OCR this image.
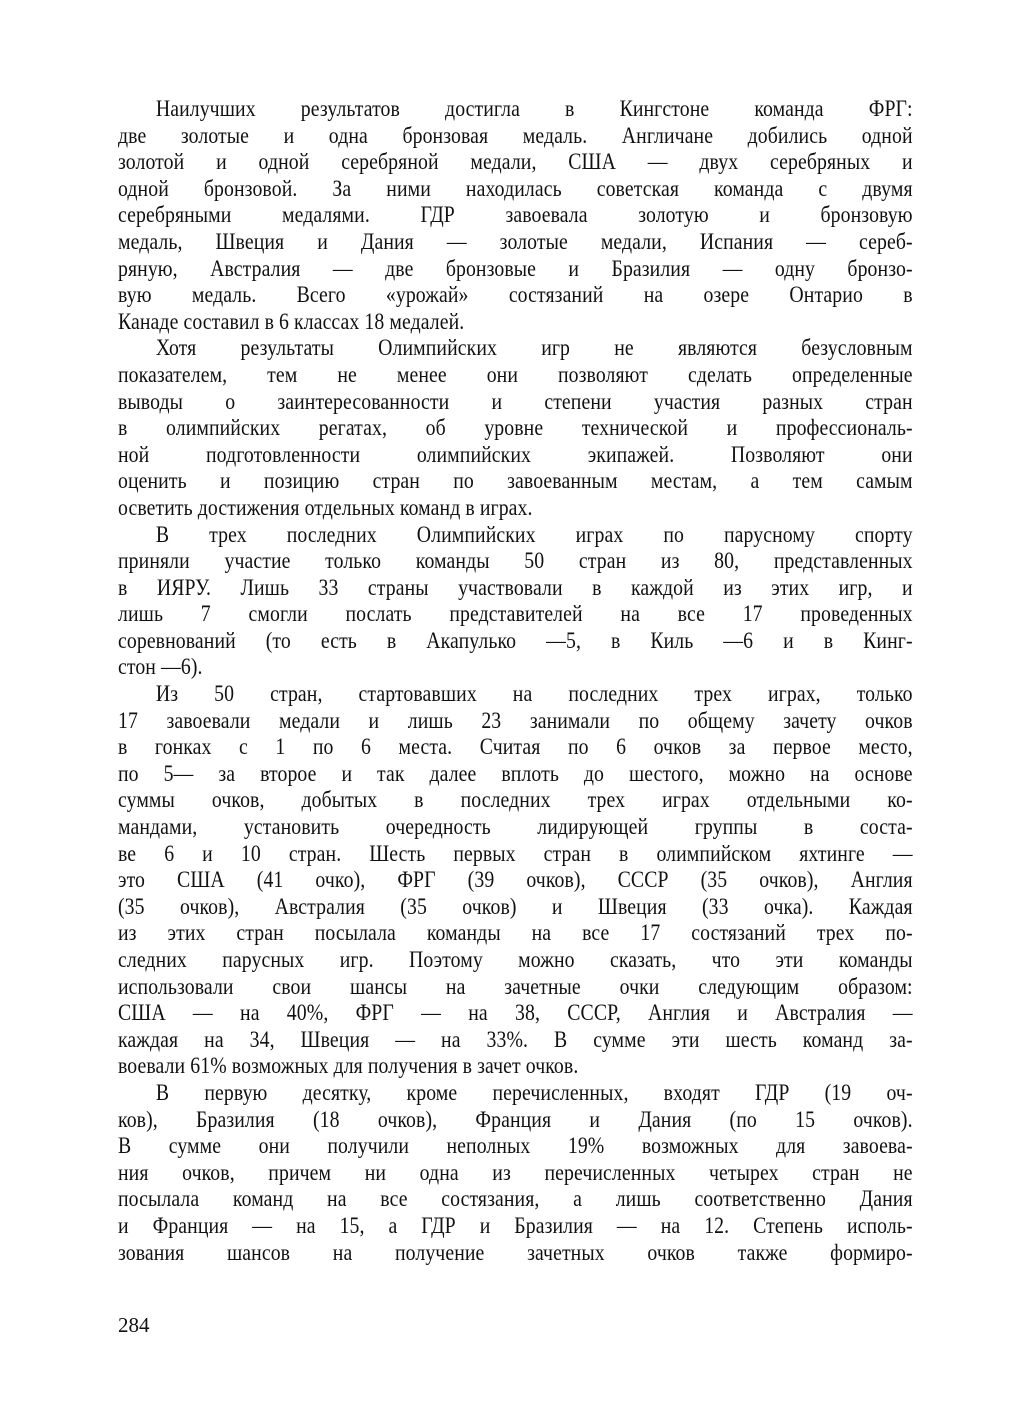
Наилучших результатов достигла в Кингстоне команда ФРГ:
две золотые и одна бронзовая медаль. Англичане добились одной
золотой и одной серебряной медали, США — двух серебряных и
одной бронзовой. За ними находилась советская команда с двумя
серебряными медалями. ГДР завоевала золотую и бронзовую
медаль, Швеция и Дания — золотые медали, Испания — сереб-
ряную, Австралия — две бронзовые и Бразилия — одну бронзо-
вую медаль. Всего «урожай» состязаний на озере Онтарио в
Канаде составил в 6 классах 18 медалей.
Хотя результаты Олимпийских игр не являются безусловным
показателем, тем не менее они позволяют сделать определенные
выводы о заинтересованности и степени участия разных стран
в олимпийских регатах, об уровне технической и профессиональ-
ной подготовленности олимпийских экипажей. Позволяют они
оценить и позицию стран по завоеванным местам, а тем самым
осветить достижения отдельных команд в играх.
В трех последних Олимпийских играх по парусному спорту
приняли участие только команды 50 стран из 80, представленных
в ИЯРУ. Лишь 33 страны участвовали в каждой из этих игр, и
лишь 7 смогли послать представителей на все 17 проведенных
соревнований (то есть в Акапулько —5, в Киль —6 и в Кинг-
стон —6).
Из 50 стран, стартовавших на последних трех играх, только
17 завоевали медали и лишь 23 занимали по общему зачету очков
в гонках с 1 по 6 места. Считая по 6 очков за первое место,
по 5— за второе и так далее вплоть до шестого, можно на основе
суммы очков, добытых в последних трех играх отдельными ко-
мандами, установить очередность лидирующей группы в соста-
ве 6 и 10 стран. Шесть первых стран в олимпийском яхтинге —
это США (41 очко), ФРГ (39 очков), СССР (35 очков), Англия
(35 очков), Австралия (35 очков) и Швеция (33 очка). Каждая
из этих стран посылала команды на все 17 состязаний трех по-
следних парусных игр. Поэтому можно сказать, что эти команды
использовали свои шансы на зачетные очки следующим образом:
США — на 40%, ФРГ — на 38, СССР, Англия и Австралия —
каждая на 34, Швеция — на 33%. В сумме эти шесть команд за-
воевали 61% возможных для получения в зачет очков.
В первую десятку, кроме перечисленных, входят ГДР (19 оч-
ков), Бразилия (18 очков), Франция и Дания (по 15 очков).
В сумме они получили неполных 19% возможных для завоева-
ния очков, причем ни одна из перечисленных четырех стран не
посылала команд на все состязания, а лишь соответственно Дания
и Франция — на 15, а ГДР и Бразилия — на 12. Степень исполь-
зования шансов на получение зачетных очков также формиро-
284
